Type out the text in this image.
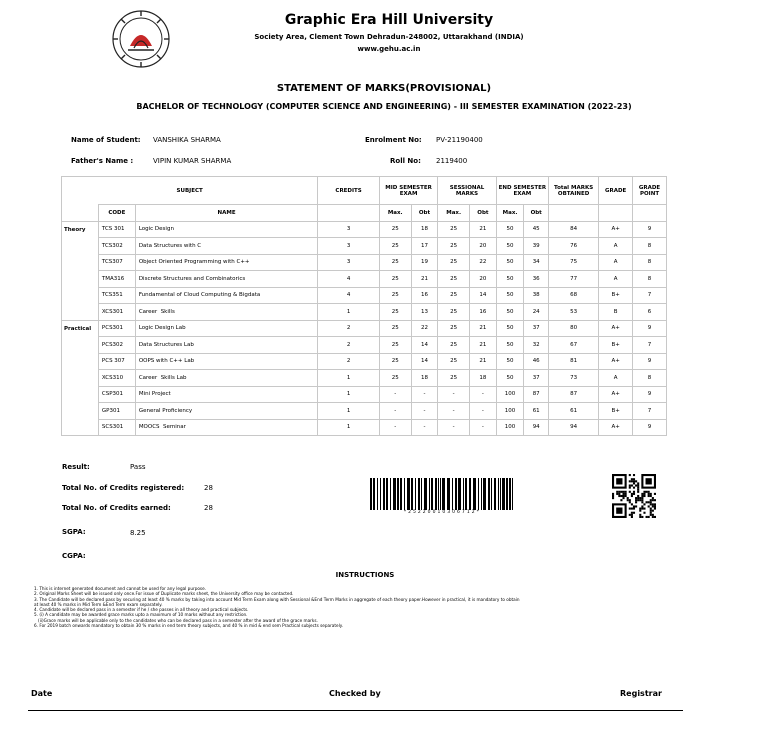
Graphic Era Hill University
Society Area, Clement Town Dehradun-248002, Uttarakhand (INDIA)
www.gehu.ac.in
STATEMENT OF MARKS(PROVISIONAL)
BACHELOR OF TECHNOLOGY (COMPUTER SCIENCE AND ENGINEERING) - III SEMESTER EXAMINATION (2022-23)
Name of Student: VANSHIKA SHARMA
Father's Name :	VIPIN KUMAR SHARMA
Enrolment No: PV-21190400
Roll No: 2119400
SUBJECT			CREDITS	MID SEMESTER EXAM		SESSIONAL MARKS		END SEMESTER EXAM		Total MARKS OBTAINED	GRADE	GRADE POINT
	CODE	NAME		Max.	Obt	Max.	Obt	Max.	Obt			
Theory	TCS 301	Logic Design	3	25	18	25	21	50	45	84	A+	9
	TCS302	Data Structures with C	3	25	17	25	20	50	39	76	A	8
	TCS307	Object Oriented Programming with C++	3	25	19	25	22	50	34	75	A	8
	TMA316	Discrete Structures and Combinatorics	4	25	21	25	20	50	36	77	A	8
	TCS351	Fundamental of Cloud Computing & Bigdata	4	25	16	25	14	50	38	68	B+	7
	XCS301	Career  Skills	1	25	13	25	16	50	24	53	B	6
Practical	PCS301	Logic Design Lab	2	25	22	25	21	50	37	80	A+	9
	PCS302	Data Structures Lab	2	25	14	25	21	50	32	67	B+	7
	PCS 307	OOPS with C++ Lab	2	25	14	25	21	50	46	81	A+	9
	XCS310	Career  Skills Lab	1	25	18	25	18	50	37	73	A	8
	CSP301	Mini Project	1	-	-	-	-	100	87	87	A+	9
	GP301	General Proficiency	1	-	-	-	-	100	61	61	B+	7
	SCS301	MOOCS  Seminar	1	-	-	-	-	100	94	94	A+	9
Result:	Pass
Total No. of Credits registered:	28
Total No. of Credits earned:	28
SGPA:	8.25
CGPA:
* 2 5 2 2 0 0 1 0 3 0 6 7 1 2 *
INSTRUCTIONS
1. This is internet generated document and cannot be used for any legal purpose.
2. Original Marks Sheet will be issued only once.For issue of Duplicate marks sheet, the University office may be contacted.
3. The Candidate will be declared pass by securing at least 40 % marks by taking into account Mid Term Exam along with Sessional &End Term Marks in aggregate of each theory paper.However in practical, it is mandatory to obtain
at least 40 % marks in Mid Term &End Term exam separately.
4. Candidate will be declared pass in a semester if he / she passes in all theory and practical subjects.
5. (i) A candidate may be awarded grace marks upto a maximum of 10 marks without any restriction.
(ii)Grace marks will be applicable only to the candidates who can be declared pass in a semester after the award of the grace marks.
6. For 2019 batch onwards mandatory to obtain 30 % marks in end term theory subjects, and 40 % in mid & end sem Practical subjects separately.
Date	Checked by	Registrar
